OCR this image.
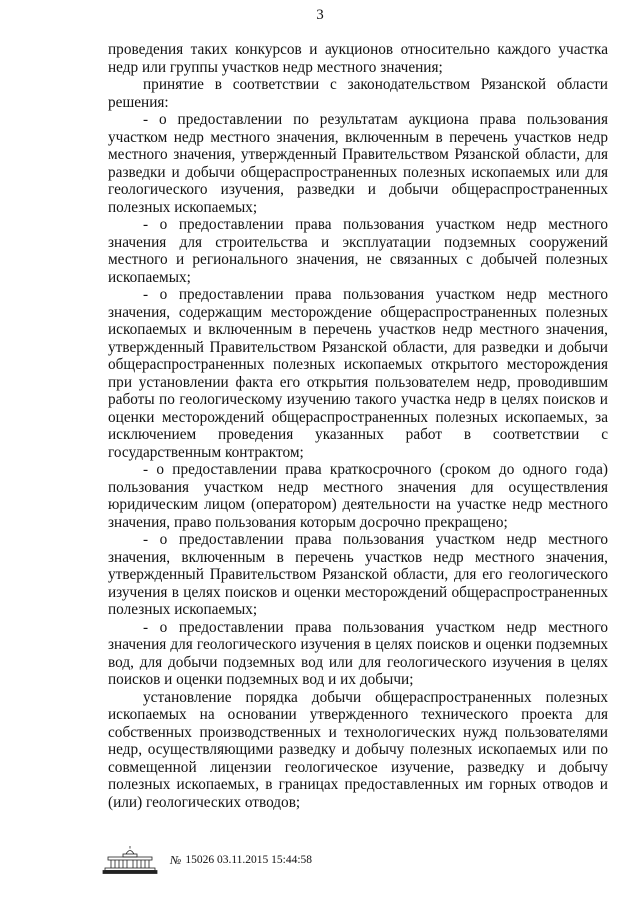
3

проведения таких конкурсов и аукционов относительно каждого участка недр или группы участков недр местного значения;

принятие в соответствии с законодательством Рязанской области решения:

- о предоставлении по результатам аукциона права пользования участком недр местного значения, включенным в перечень участков недр местного значения, утвержденный Правительством Рязанской области, для разведки и добычи общераспространенных полезных ископаемых или для геологического изучения, разведки и добычи общераспространенных полезных ископаемых;

- о предоставлении права пользования участком недр местного значения для строительства и эксплуатации подземных сооружений местного и регионального значения, не связанных с добычей полезных ископаемых;

- о предоставлении права пользования участком недр местного значения, содержащим месторождение общераспространенных полезных ископаемых и включенным в перечень участков недр местного значения, утвержденный Правительством Рязанской области, для разведки и добычи общераспространенных полезных ископаемых открытого месторождения при установлении факта его открытия пользователем недр, проводившим работы по геологическому изучению такого участка недр в целях поисков и оценки месторождений общераспространенных полезных ископаемых, за исключением проведения указанных работ в соответствии с государственным контрактом;

- о предоставлении права краткосрочного (сроком до одного года) пользования участком недр местного значения для осуществления юридическим лицом (оператором) деятельности на участке недр местного значения, право пользования которым досрочно прекращено;

- о предоставлении права пользования участком недр местного значения, включенным в перечень участков недр местного значения, утвержденный Правительством Рязанской области, для его геологического изучения в целях поисков и оценки месторождений общераспространенных полезных ископаемых;

- о предоставлении права пользования участком недр местного значения для геологического изучения в целях поисков и оценки подземных вод, для добычи подземных вод или для геологического изучения в целях поисков и оценки подземных вод и их добычи;

установление порядка добычи общераспространенных полезных ископаемых на основании утвержденного технического проекта для собственных производственных и технологических нужд пользователями недр, осуществляющими разведку и добычу полезных ископаемых или по совмещенной лицензии геологическое изучение, разведку и добычу полезных ископаемых, в границах предоставленных им горных отводов и (или) геологических отводов;

№ 15026 03.11.2015 15:44:58
